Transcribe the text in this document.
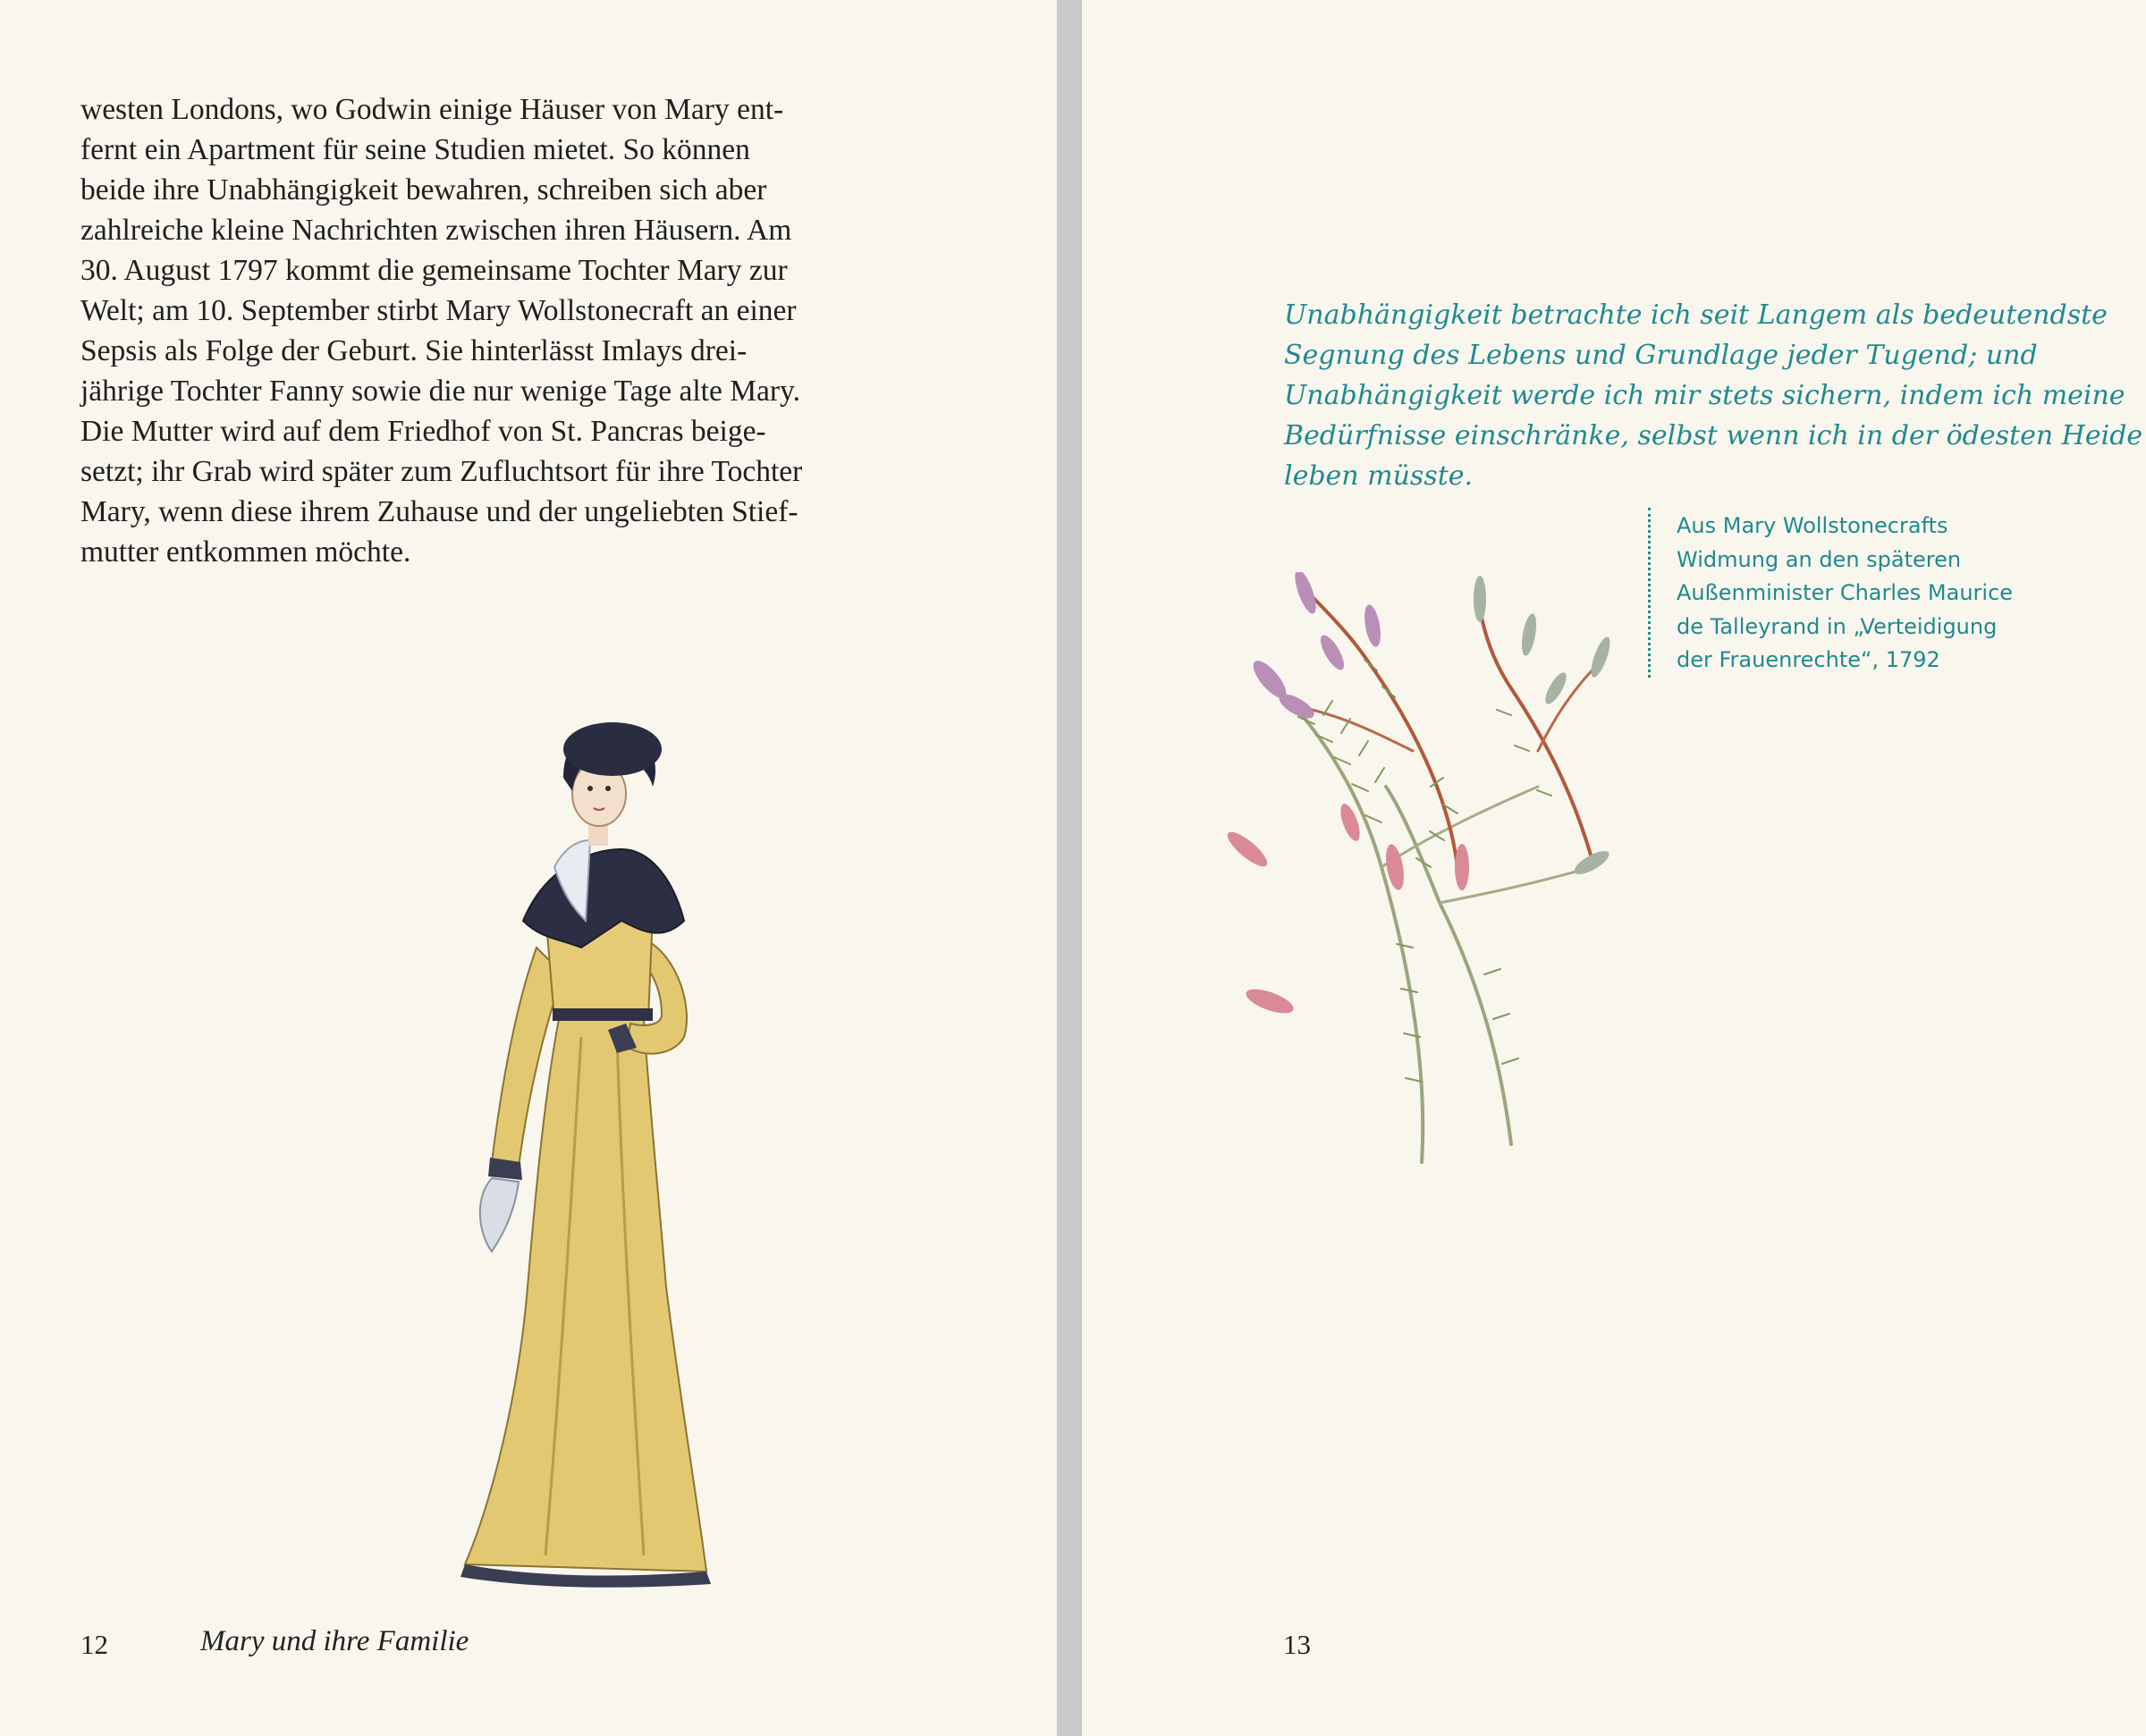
westen Londons, wo Godwin einige Häuser von Mary ent-
fernt ein Apartment für seine Studien mietet. So können
beide ihre Unabhängigkeit bewahren, schreiben sich aber
zahlreiche kleine Nachrichten zwischen ihren Häusern. Am
30. August 1797 kommt die gemeinsame Tochter Mary zur
Welt; am 10. September stirbt Mary Wollstonecraft an einer
Sepsis als Folge der Geburt. Sie hinterlässt Imlays drei-
jährige Tochter Fanny sowie die nur wenige Tage alte Mary.
Die Mutter wird auf dem Friedhof von St. Pancras beige-
setzt; ihr Grab wird später zum Zufluchtsort für ihre Tochter
Mary, wenn diese ihrem Zuhause und der ungeliebten Stief-
mutter entkommen möchte.

12	Mary und ihre Familie

Unabhängigkeit betrachte ich seit Langem als bedeutendste
Segnung des Lebens und Grundlage jeder Tugend; und
Unabhängigkeit werde ich mir stets sichern, indem ich meine
Bedürfnisse einschränke, selbst wenn ich in der ödesten Heide
leben müsste.

Aus Mary Wollstonecrafts
Widmung an den späteren
Außenminister Charles Maurice
de Talleyrand in „Verteidigung
der Frauenrechte“, 1792
13
